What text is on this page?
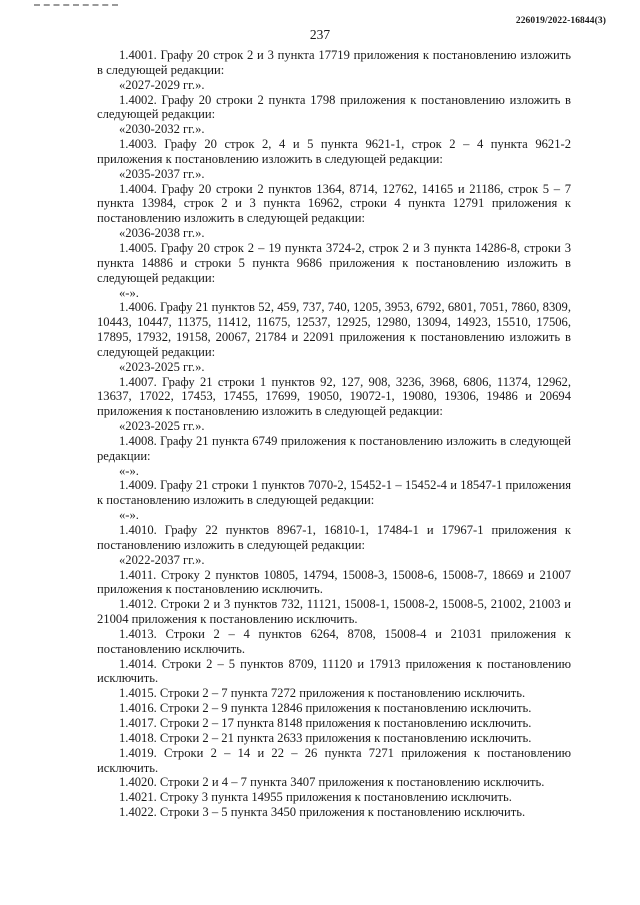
226019/2022-16844(3)
237

1.4001. Графу 20 строк 2 и 3 пункта 17719 приложения к постановлению изложить в следующей редакции:

«2027-2029 гг.».

1.4002. Графу 20 строки 2 пункта 1798 приложения к постановлению изложить в следующей редакции:

«2030-2032 гг.».

1.4003. Графу 20 строк 2, 4 и 5 пункта 9621-1, строк 2 – 4 пункта 9621-2 приложения к постановлению изложить в следующей редакции:

«2035-2037 гг.».

1.4004. Графу 20 строки 2 пунктов 1364, 8714, 12762, 14165 и 21186, строк 5 – 7 пункта 13984, строк 2 и 3 пункта 16962, строки 4 пункта 12791 приложения к постановлению изложить в следующей редакции:

«2036-2038 гг.».

1.4005. Графу 20 строк 2 – 19 пункта 3724-2, строк 2 и 3 пункта 14286-8, строки 3 пункта 14886 и строки 5 пункта 9686 приложения к постановлению изложить в следующей редакции:

«-».

1.4006. Графу 21 пунктов 52, 459, 737, 740, 1205, 3953, 6792, 6801, 7051, 7860, 8309, 10443, 10447, 11375, 11412, 11675, 12537, 12925, 12980, 13094, 14923, 15510, 17506, 17895, 17932, 19158, 20067, 21784 и 22091 приложения к постановлению изложить в следующей редакции:

«2023-2025 гг.».

1.4007. Графу 21 строки 1 пунктов 92, 127, 908, 3236, 3968, 6806, 11374, 12962, 13637, 17022, 17453, 17455, 17699, 19050, 19072-1, 19080, 19306, 19486 и 20694 приложения к постановлению изложить в следующей редакции:

«2023-2025 гг.».

1.4008. Графу 21 пункта 6749 приложения к постановлению изложить в следующей редакции:

«-».

1.4009. Графу 21 строки 1 пунктов 7070-2, 15452-1 – 15452-4 и 18547-1 приложения к постановлению изложить в следующей редакции:

«-».

1.4010. Графу 22 пунктов 8967-1, 16810-1, 17484-1 и 17967-1 приложения к постановлению изложить в следующей редакции:

«2022-2037 гг.».

1.4011. Строку 2 пунктов 10805, 14794, 15008-3, 15008-6, 15008-7, 18669 и 21007 приложения к постановлению исключить.

1.4012. Строки 2 и 3 пунктов 732, 11121, 15008-1, 15008-2, 15008-5, 21002, 21003 и 21004 приложения к постановлению исключить.

1.4013. Строки 2 – 4 пунктов 6264, 8708, 15008-4 и 21031 приложения к постановлению исключить.

1.4014. Строки 2 – 5 пунктов 8709, 11120 и 17913 приложения к постановлению исключить.

1.4015. Строки 2 – 7 пункта 7272 приложения к постановлению исключить.

1.4016. Строки 2 – 9 пункта 12846 приложения к постановлению исключить.

1.4017. Строки 2 – 17 пункта 8148 приложения к постановлению исключить.

1.4018. Строки 2 – 21 пункта 2633 приложения к постановлению исключить.

1.4019. Строки 2 – 14 и 22 – 26 пункта 7271 приложения к постановлению исключить.

1.4020. Строки 2 и 4 – 7 пункта 3407 приложения к постановлению исключить.

1.4021. Строку 3 пункта 14955 приложения к постановлению исключить.

1.4022. Строки 3 – 5 пункта 3450 приложения к постановлению исключить.
